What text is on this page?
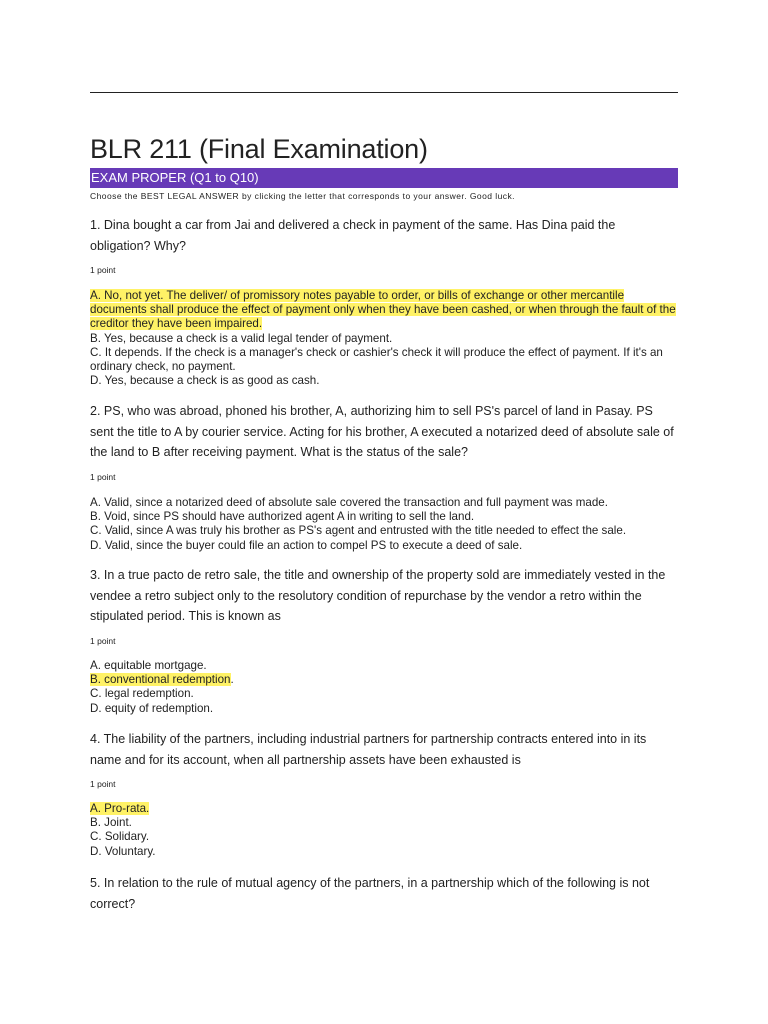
BLR 211 (Final Examination)
EXAM PROPER (Q1 to Q10)
Choose the BEST LEGAL ANSWER by clicking the letter that corresponds to your answer. Good luck.

1. Dina bought a car from Jai and delivered a check in payment of the same. Has Dina paid the obligation? Why?

1 point
A. No, not yet. The deliver/ of promissory notes payable to order, or bills of exchange or other mercantile documents shall produce the effect of payment only when they have been cashed, or when through the fault of the creditor they have been impaired.
B. Yes, because a check is a valid legal tender of payment.
C. It depends. If the check is a manager's check or cashier's check it will produce the effect of payment. If it's an ordinary check, no payment.
D. Yes, because a check is as good as cash.

2. PS, who was abroad, phoned his brother, A, authorizing him to sell PS's parcel of land in Pasay. PS sent the title to A by courier service. Acting for his brother, A executed a notarized deed of absolute sale of the land to B after receiving payment. What is the status of the sale?

1 point
A. Valid, since a notarized deed of absolute sale covered the transaction and full payment was made.
B. Void, since PS should have authorized agent A in writing to sell the land.
C. Valid, since A was truly his brother as PS's agent and entrusted with the title needed to effect the sale.
D. Valid, since the buyer could file an action to compel PS to execute a deed of sale.

3. In a true pacto de retro sale, the title and ownership of the property sold are immediately vested in the vendee a retro subject only to the resolutory condition of repurchase by the vendor a retro within the stipulated period. This is known as

1 point
A. equitable mortgage.
B. conventional redemption.
C. legal redemption.
D. equity of redemption.

4. The liability of the partners, including industrial partners for partnership contracts entered into in its name and for its account, when all partnership assets have been exhausted is

1 point
A. Pro-rata.
B. Joint.
C. Solidary.
D. Voluntary.

5. In relation to the rule of mutual agency of the partners, in a partnership which of the following is not correct?
